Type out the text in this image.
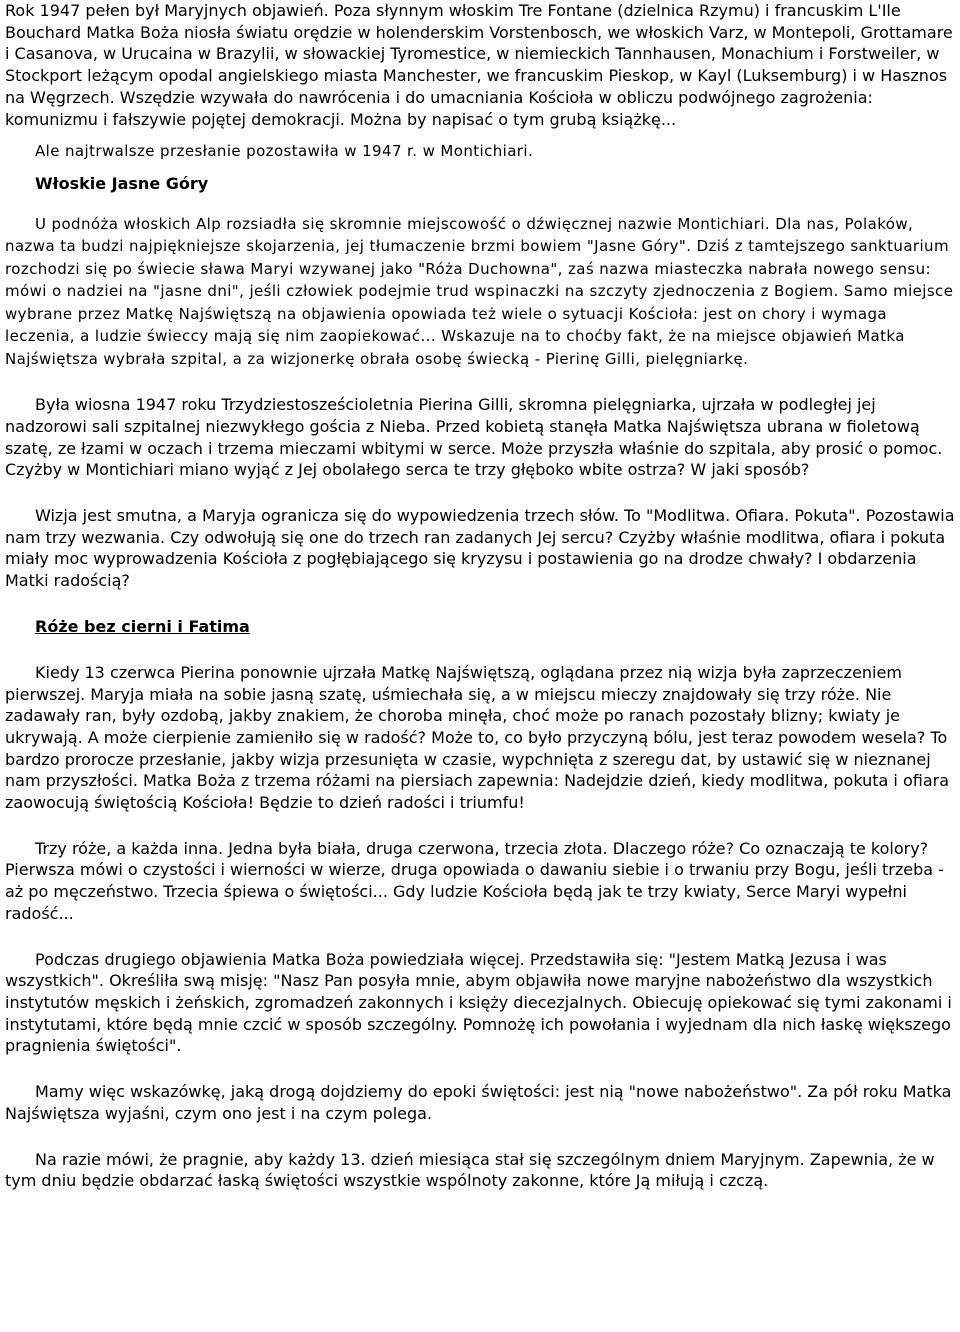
Rok 1947 pełen był Maryjnych objawień. Poza słynnym włoskim Tre Fontane (dzielnica Rzymu) i francuskim L'Ile Bouchard Matka Boża niosła światu orędzie w holenderskim Vorstenbosch, we włoskich Varz, w Montepoli, Grottamare i Casanova, w Urucaina w Brazylii, w słowackiej Tyromestice, w niemieckich Tannhausen, Monachium i Forstweiler, w Stockport leżącym opodal angielskiego miasta Manchester, we francuskim Pieskop, w Kayl (Luksemburg) i w Hasznos na Węgrzech. Wszędzie wzywała do nawrócenia i do umacniania Kościoła w obliczu podwójnego zagrożenia: komunizmu i fałszywie pojętej demokracji. Można by napisać o tym grubą książkę...

Ale najtrwalsze przesłanie pozostawiła w 1947 r. w Montichiari.

Włoskie Jasne Góry

U podnóża włoskich Alp rozsiadła się skromnie miejscowość o dźwięcznej nazwie Montichiari. Dla nas, Polaków, nazwa ta budzi najpiękniejsze skojarzenia, jej tłumaczenie brzmi bowiem "Jasne Góry". Dziś z tamtejszego sanktuarium rozchodzi się po świecie sława Maryi wzywanej jako "Róża Duchowna", zaś nazwa miasteczka nabrała nowego sensu: mówi o nadziei na "jasne dni", jeśli człowiek podejmie trud wspinaczki na szczyty zjednoczenia z Bogiem. Samo miejsce wybrane przez Matkę Najświętszą na objawienia opowiada też wiele o sytuacji Kościoła: jest on chory i wymaga leczenia, a ludzie świeccy mają się nim zaopiekować... Wskazuje na to choćby fakt, że na miejsce objawień Matka Najświętsza wybrała szpital, a za wizjonerkę obrała osobę świecką - Pierinę Gilli, pielęgniarkę.

Była wiosna 1947 roku Trzydziestosześcioletnia Pierina Gilli, skromna pielęgniarka, ujrzała w podległej jej nadzorowi sali szpitalnej niezwykłego gościa z Nieba. Przed kobietą stanęła Matka Najświętsza ubrana w fioletową szatę, ze łzami w oczach i trzema mieczami wbitymi w serce. Może przyszła właśnie do szpitala, aby prosić o pomoc. Czyżby w Montichiari miano wyjąć z Jej obolałego serca te trzy głęboko wbite ostrza? W jaki sposób?

Wizja jest smutna, a Maryja ogranicza się do wypowiedzenia trzech słów. To "Modlitwa. Ofiara. Pokuta". Pozostawia nam trzy wezwania. Czy odwołują się one do trzech ran zadanych Jej sercu? Czyżby właśnie modlitwa, ofiara i pokuta miały moc wyprowadzenia Kościoła z pogłębiającego się kryzysu i postawienia go na drodze chwały? I obdarzenia Matki radością?

Róże bez cierni i Fatima

Kiedy 13 czerwca Pierina ponownie ujrzała Matkę Najświętszą, oglądana przez nią wizja była zaprzeczeniem pierwszej. Maryja miała na sobie jasną szatę, uśmiechała się, a w miejscu mieczy znajdowały się trzy róże. Nie zadawały ran, były ozdobą, jakby znakiem, że choroba minęła, choć może po ranach pozostały blizny; kwiaty je ukrywają. A może cierpienie zamieniło się w radość? Może to, co było przyczyną bólu, jest teraz powodem wesela? To bardzo prorocze przesłanie, jakby wizja przesunięta w czasie, wypchnięta z szeregu dat, by ustawić się w nieznanej nam przyszłości. Matka Boża z trzema różami na piersiach zapewnia: Nadejdzie dzień, kiedy modlitwa, pokuta i ofiara zaowocują świętością Kościoła! Będzie to dzień radości i triumfu!

Trzy róże, a każda inna. Jedna była biała, druga czerwona, trzecia złota. Dlaczego róże? Co oznaczają te kolory? Pierwsza mówi o czystości i wierności w wierze, druga opowiada o dawaniu siebie i o trwaniu przy Bogu, jeśli trzeba - aż po męczeństwo. Trzecia śpiewa o świętości... Gdy ludzie Kościoła będą jak te trzy kwiaty, Serce Maryi wypełni radość...

Podczas drugiego objawienia Matka Boża powiedziała więcej. Przedstawiła się: "Jestem Matką Jezusa i was wszystkich". Określiła swą misję: "Nasz Pan posyła mnie, abym objawiła nowe maryjne nabożeństwo dla wszystkich instytutów męskich i żeńskich, zgromadzeń zakonnych i księży diecezjalnych. Obiecuję opiekować się tymi zakonami i instytutami, które będą mnie czcić w sposób szczególny. Pomnożę ich powołania i wyjednam dla nich łaskę większego pragnienia świętości".

Mamy więc wskazówkę, jaką drogą dojdziemy do epoki świętości: jest nią "nowe nabożeństwo". Za pół roku Matka Najświętsza wyjaśni, czym ono jest i na czym polega.

Na razie mówi, że pragnie, aby każdy 13. dzień miesiąca stał się szczególnym dniem Maryjnym. Zapewnia, że w tym dniu będzie obdarzać łaską świętości wszystkie wspólnoty zakonne, które Ją miłują i czczą.
